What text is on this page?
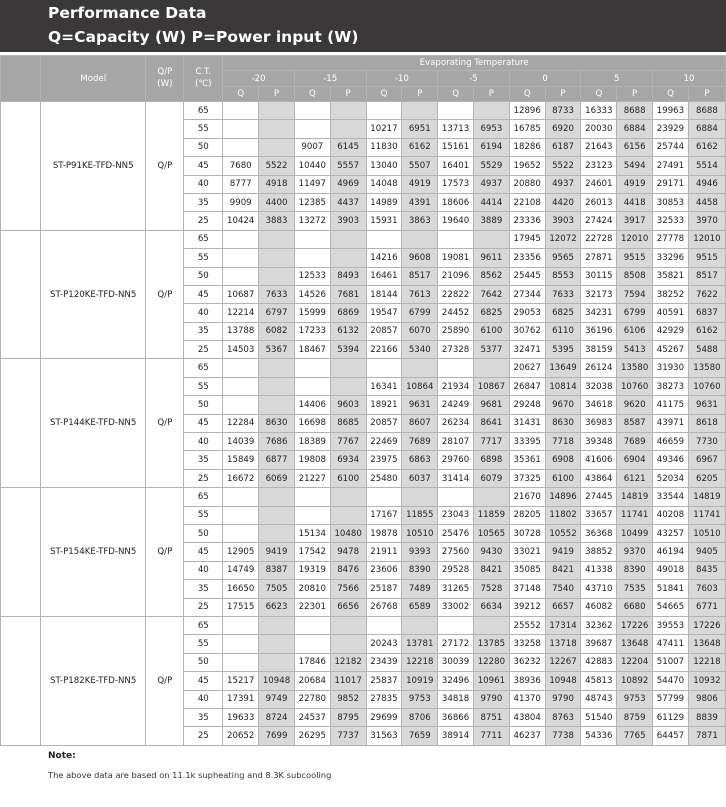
Performance Data
Q=Capacity (W) P=Power input (W)
	Model	Q/P
(W)	C.T.
(℃)	Evaporating Temperature													
				-20		-15		-10		-5		0		5		10	
				Q	P	Q	P	Q	P	Q	P	Q	P	Q	P	Q	P
	ST-P91KE-TFD-NN5	Q/P	65									12896	8733	16333	8688	19963	8688
			55					10217	6951	13713	6953	16785	6920	20030	6884	23929	6884
			50			9007	6145	11830	6162	15161	6194	18286	6187	21643	6156	25744	6162
			45	7680	5522	10440	5557	13040	5507	16401	5529	19652	5522	23123	5494	27491	5514
			40	8777	4918	11497	4969	14048	4919	17573	4937	20880	4937	24601	4919	29171	4946
			35	9909	4400	12385	4437	14989	4391	18606	4414	22108	4420	26013	4418	30853	4458
			25	10424	3883	13272	3903	15931	3863	19640	3889	23336	3903	27424	3917	32533	3970
	ST-P120KE-TFD-NN5	Q/P	65									17945	12072	22728	12010	27778	12010
			55					14216	9608	19081	9611	23356	9565	27871	9515	33296	9515
			50			12533	8493	16461	8517	21096	8562	25445	8553	30115	8508	35821	8517
			45	10687	7633	14526	7681	18144	7613	22822	7642	27344	7633	32173	7594	38252	7622
			40	12214	6797	15999	6869	19547	6799	24452	6825	29053	6825	34231	6799	40591	6837
			35	13788	6082	17233	6132	20857	6070	25890	6100	30762	6110	36196	6106	42929	6162
			25	14503	5367	18467	5394	22166	5340	27328	5377	32471	5395	38159	5413	45267	5488
	ST-P144KE-TFD-NN5	Q/P	65									20627	13649	26124	13580	31930	13580
			55					16341	10864	21934	10867	26847	10814	32038	10760	38273	10760
			50			14406	9603	18921	9631	24249	9681	29248	9670	34618	9620	41175	9631
			45	12284	8630	16698	8685	20857	8607	26234	8641	31431	8630	36983	8587	43971	8618
			40	14039	7686	18389	7767	22469	7689	28107	7717	33395	7718	39348	7689	46659	7730
			35	15849	6877	19808	6934	23975	6863	29760	6898	35361	6908	41606	6904	49346	6967
			25	16672	6069	21227	6100	25480	6037	31414	6079	37325	6100	43864	6121	52034	6205
	ST-P154KE-TFD-NN5	Q/P	65									21670	14896	27445	14819	33544	14819
			55					17167	11855	23043	11859	28205	11802	33657	11741	40208	11741
			50			15134	10480	19878	10510	25476	10565	30728	10552	36368	10499	43257	10510
			45	12905	9419	17542	9478	21911	9393	27560	9430	33021	9419	38852	9370	46194	9405
			40	14749	8387	19319	8476	23606	8390	29528	8421	35085	8421	41338	8390	49018	8435
			35	16650	7505	20810	7566	25187	7489	31265	7528	37148	7540	43710	7535	51841	7603
			25	17515	6623	22301	6656	26768	6589	33002	6634	39212	6657	46082	6680	54665	6771
	ST-P182KE-TFD-NN5	Q/P	65									25552	17314	32362	17226	39553	17226
			55					20243	13781	27172	13785	33258	13718	39687	13648	47411	13648
			50			17846	12182	23439	12218	30039	12280	36232	12267	42883	12204	51007	12218
			45	15217	10948	20684	11017	25837	10919	32496	10961	38936	10948	45813	10892	54470	10932
			40	17391	9749	22780	9852	27835	9753	34818	9790	41370	9790	48743	9753	57799	9806
			35	19633	8724	24537	8795	29699	8706	36866	8751	43804	8763	51540	8759	61129	8839
			25	20652	7699	26295	7737	31563	7659	38914	7711	46237	7738	54336	7765	64457	7871
Note:
The above data are based on 11.1k supheating and 8.3K subcooling
